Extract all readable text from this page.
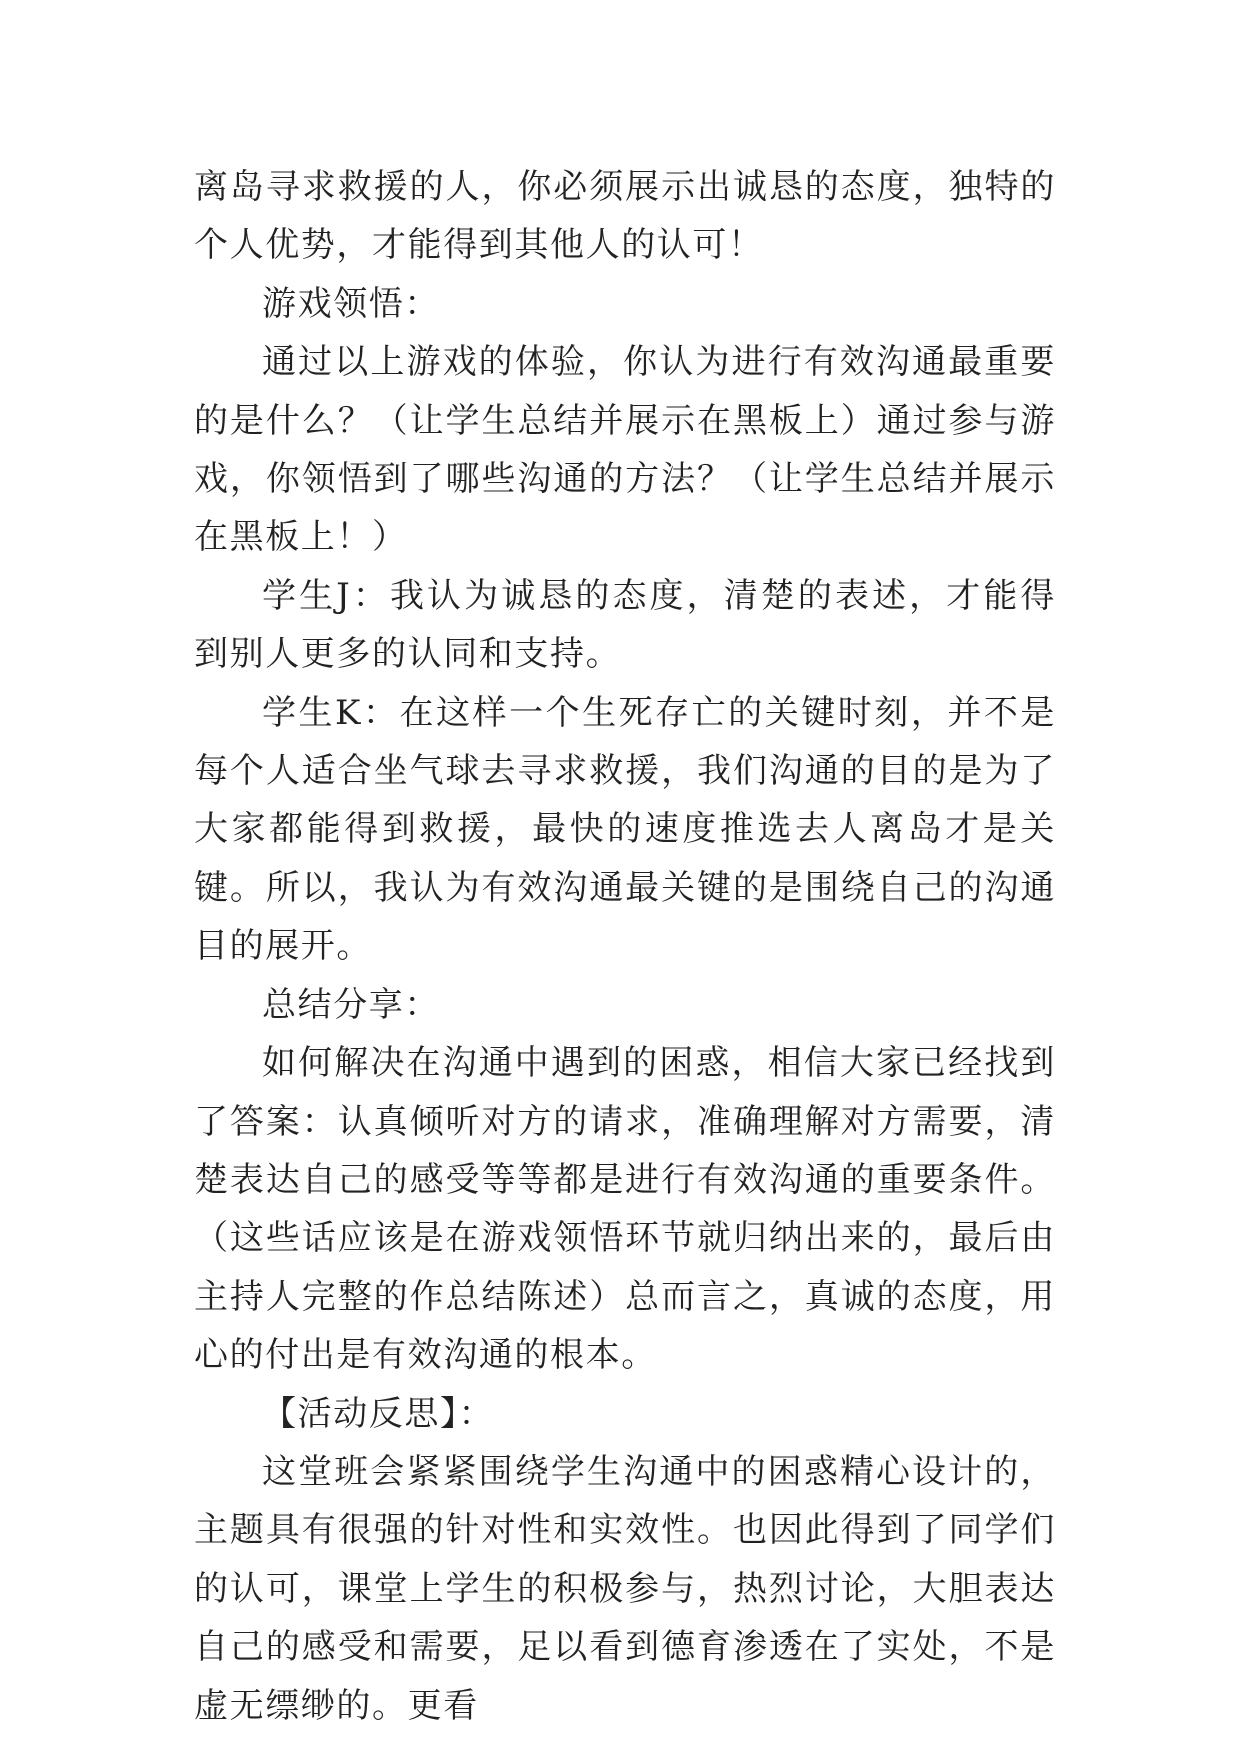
离岛寻求救援的人，你必须展示出诚恳的态度，独特的个人优势，才能得到其他人的认可！

游戏领悟：

通过以上游戏的体验，你认为进行有效沟通最重要的是什么？（让学生总结并展示在黑板上）通过参与游戏，你领悟到了哪些沟通的方法？（让学生总结并展示在黑板上！）

学生J：我认为诚恳的态度，清楚的表述，才能得到别人更多的认同和支持。

学生K：在这样一个生死存亡的关键时刻，并不是每个人适合坐气球去寻求救援，我们沟通的目的是为了大家都能得到救援，最快的速度推选去人离岛才是关键。所以，我认为有效沟通最关键的是围绕自己的沟通目的展开。

总结分享：

如何解决在沟通中遇到的困惑，相信大家已经找到了答案：认真倾听对方的请求，准确理解对方需要，清楚表达自己的感受等等都是进行有效沟通的重要条件。（这些话应该是在游戏领悟环节就归纳出来的，最后由主持人完整的作总结陈述）总而言之，真诚的态度，用心的付出是有效沟通的根本。

【活动反思】：

这堂班会紧紧围绕学生沟通中的困惑精心设计的，主题具有很强的针对性和实效性。也因此得到了同学们的认可，课堂上学生的积极参与，热烈讨论，大胆表达自己的感受和需要，足以看到德育渗透在了实处，不是虚无缥缈的。更看
